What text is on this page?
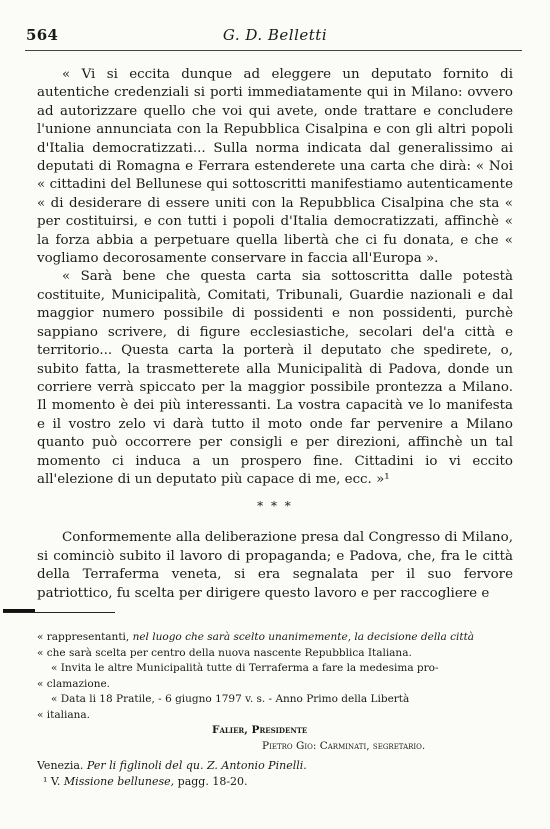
564	G. D. Belletti

« Vi si eccita dunque ad eleggere un deputato fornito di autentiche credenziali si porti immediatamente qui in Milano: ovvero ad autorizzare quello che voi qui avete, onde trattare e concludere l'unione annunciata con la Repubblica Cisalpina e con gli altri popoli d'Italia democratizzati... Sulla norma indicata dal generalissimo ai deputati di Romagna e Ferrara estenderete una carta che dirà: « Noi « cittadini del Bellunese qui sottoscritti manifestiamo autenticamente « di desiderare di essere uniti con la Repubblica Cisalpina che sta « per costituirsi, e con tutti i popoli d'Italia democratizzati, affinchè « la forza abbia a perpetuare quella libertà che ci fu donata, e che « vogliamo decorosamente conservare in faccia all'Europa ».

« Sarà bene che questa carta sia sottoscritta dalle potestà costituite, Municipalità, Comitati, Tribunali, Guardie nazionali e dal maggior numero possibile di possidenti e non possidenti, purchè sappiano scrivere, di figure ecclesiastiche, secolari del'a città e territorio... Questa carta la porterà il deputato che spedirete, o, subito fatta, la trasmetterete alla Municipalità di Padova, donde un corriere verrà spiccato per la maggior possibile prontezza a Milano. Il momento è dei più interessanti. La vostra capacità ve lo manifesta e il vostro zelo vi darà tutto il moto onde far pervenire a Milano quanto può occorrere per consigli e per direzioni, affinchè un tal momento ci induca a un prospero fine. Cittadini io vi eccito all'elezione di un deputato più capace di me, ecc. »¹

* * *

Conformemente alla deliberazione presa dal Congresso di Milano, si cominciò subito il lavoro di propaganda; e Padova, che, fra le città della Terraferma veneta, si era segnalata per il suo fervore patriottico, fu scelta per dirigere questo lavoro e per raccogliere e

« rappresentanti, nel luogo che sarà scelto unanimemente, la decisione della città
« che sarà scelta per centro della nuova nascente Repubblica Italiana.
« Invita le altre Municipalità tutte di Terraferma a fare la medesima pro-
« clamazione.
« Data li 18 Pratile, - 6 giugno 1797 v. s. - Anno Primo della Libertà
« italiana.
Falier, Presidente
Pietro Gio: Carminati, segretario.
Venezia. Per li figlinoli del qu. Z. Antonio Pinelli.
¹ V. Missione bellunese, pagg. 18-20.
